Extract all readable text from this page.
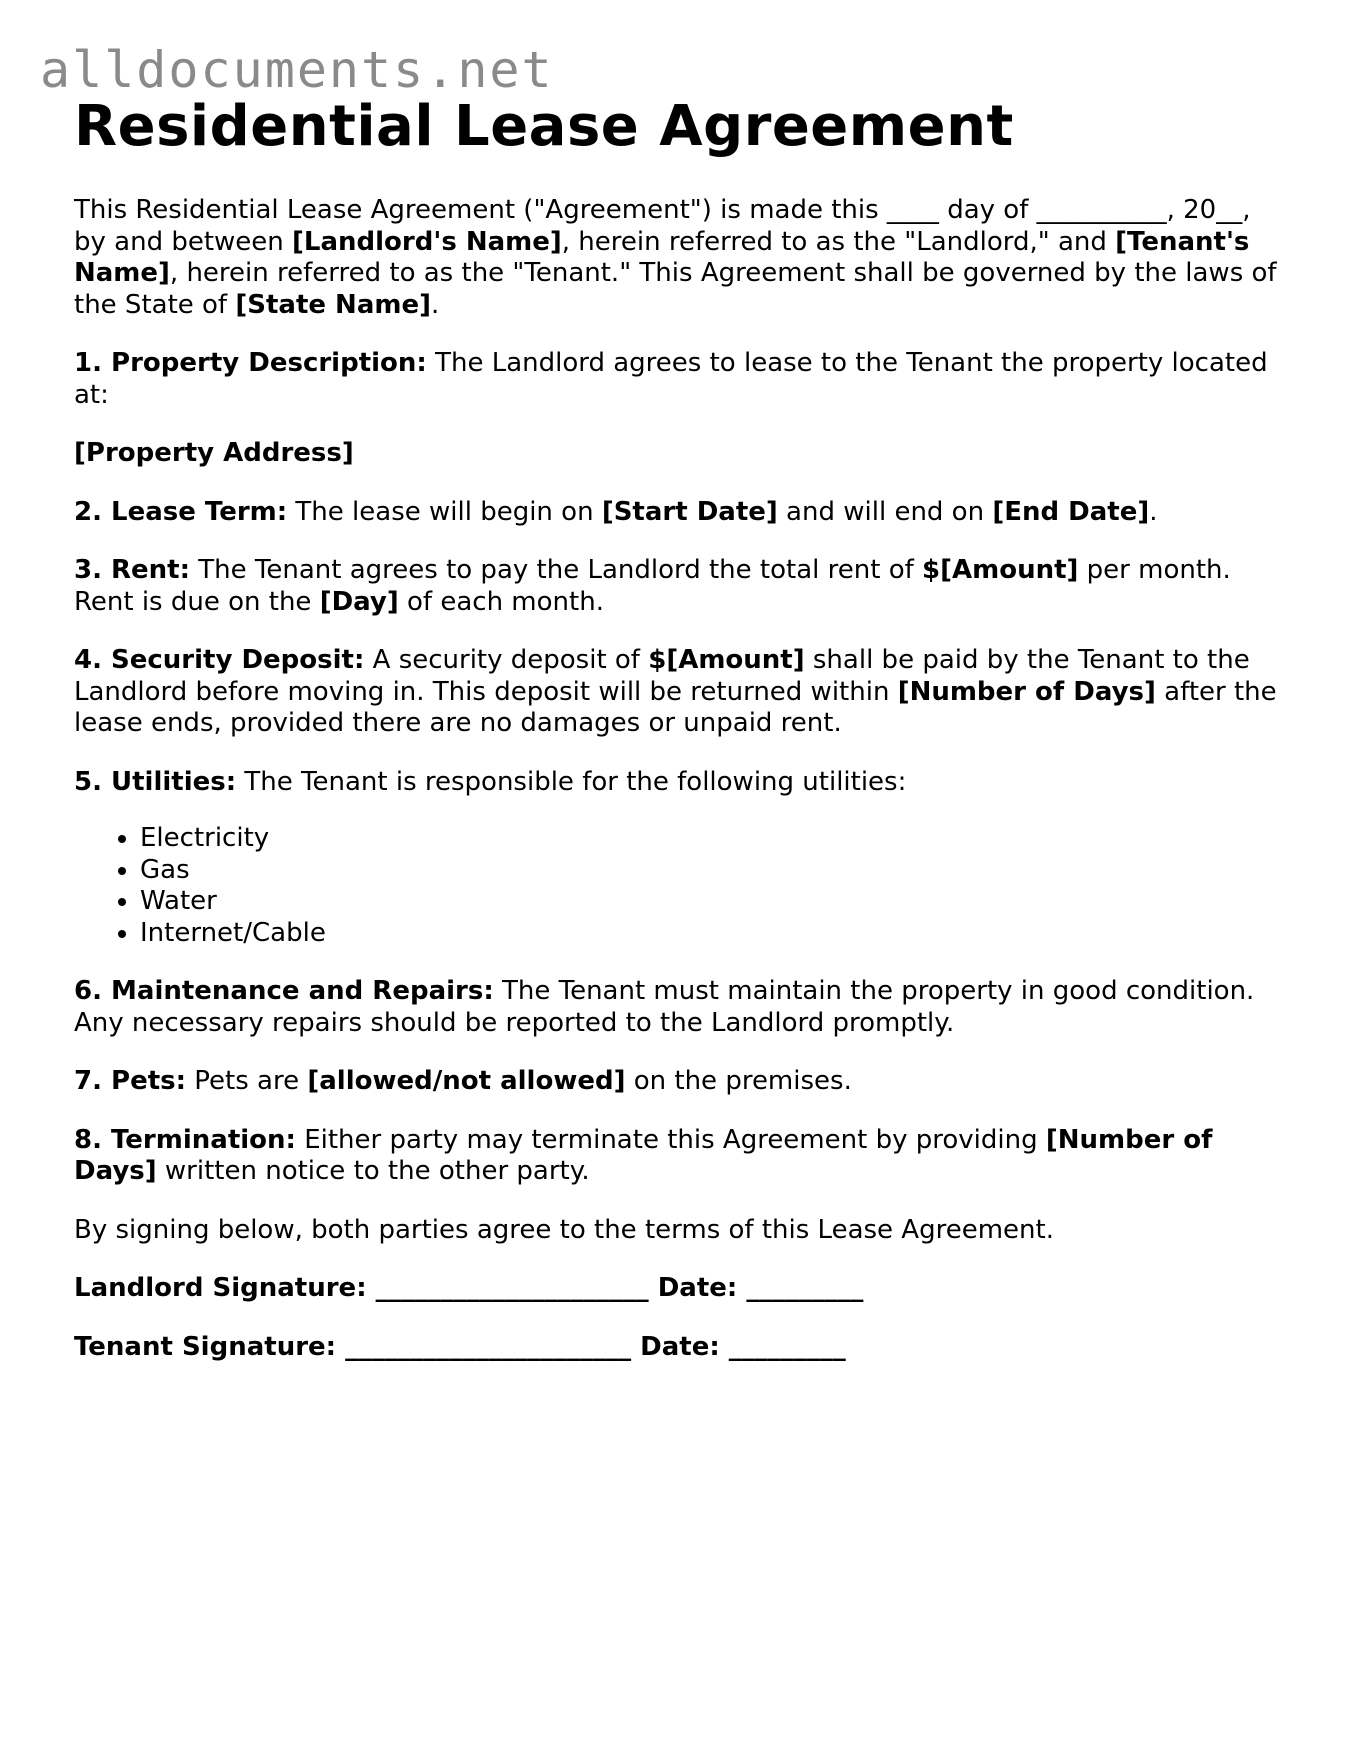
alldocuments.net
Residential Lease Agreement

This Residential Lease Agreement ("Agreement") is made this ____ day of __________, 20__, by and between [Landlord's Name], herein referred to as the "Landlord," and [Tenant's Name], herein referred to as the "Tenant." This Agreement shall be governed by the laws of the State of [State Name].

1. Property Description: The Landlord agrees to lease to the Tenant the property located at:

[Property Address]

2. Lease Term: The lease will begin on [Start Date] and will end on [End Date].

3. Rent: The Tenant agrees to pay the Landlord the total rent of $[Amount] per month. Rent is due on the [Day] of each month.

4. Security Deposit: A security deposit of $[Amount] shall be paid by the Tenant to the Landlord before moving in. This deposit will be returned within [Number of Days] after the lease ends, provided there are no damages or unpaid rent.

5. Utilities: The Tenant is responsible for the following utilities:

• Electricity
• Gas
• Water
• Internet/Cable

6. Maintenance and Repairs: The Tenant must maintain the property in good condition. Any necessary repairs should be reported to the Landlord promptly.

7. Pets: Pets are [allowed/not allowed] on the premises.

8. Termination: Either party may terminate this Agreement by providing [Number of Days] written notice to the other party.

By signing below, both parties agree to the terms of this Lease Agreement.

Landlord Signature: _____________________ Date: _________

Tenant Signature: ______________________ Date: _________
